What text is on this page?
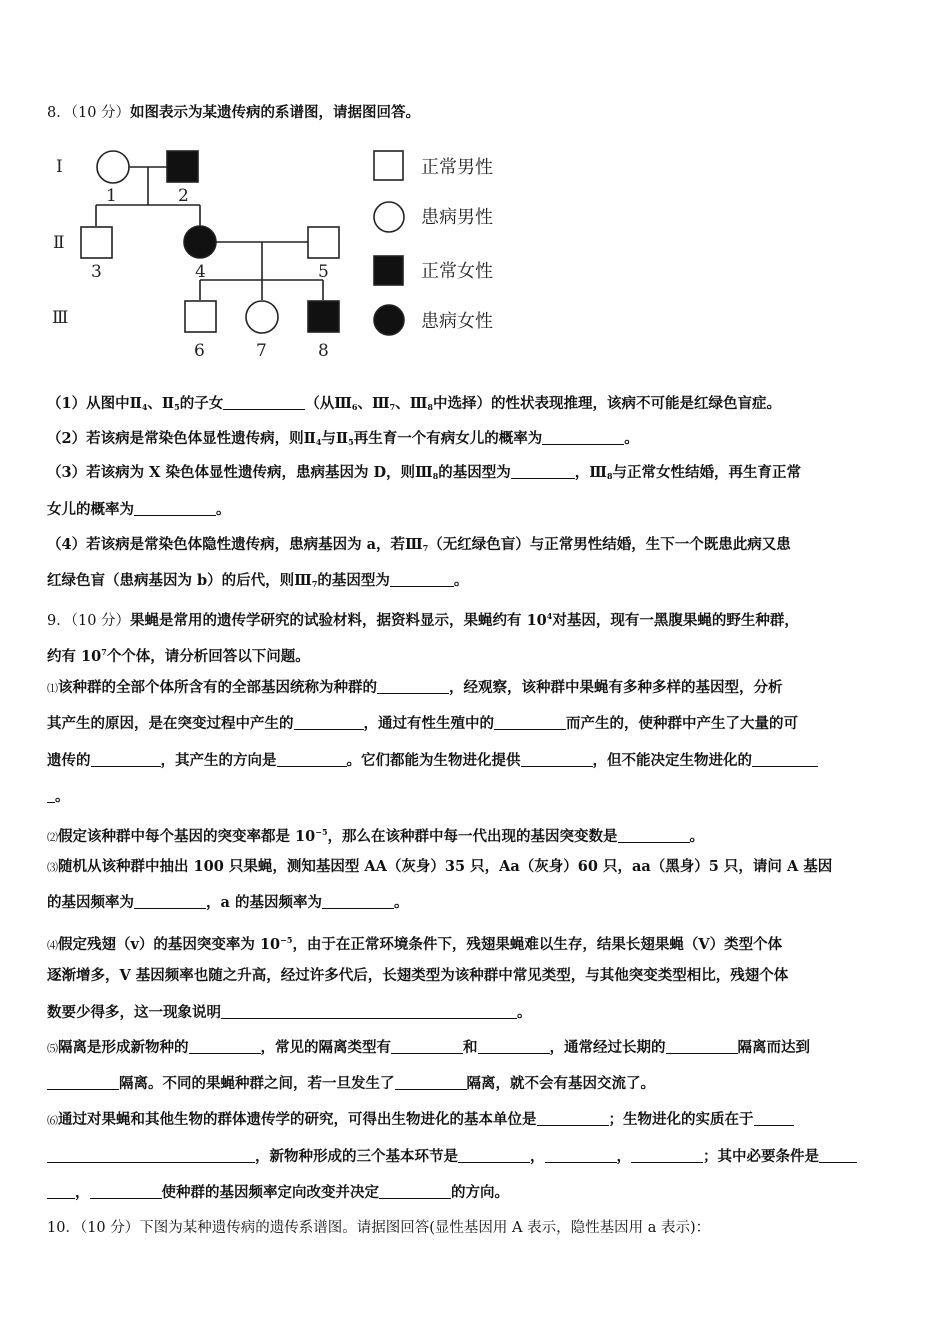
8．（10 分）如图表示为某遗传病的系谱图，请据图回答。
Ⅰ
Ⅱ
Ⅲ
1	2
3	4	5
6	7	8
正常男性
患病男性
正常女性
患病女性
（1）从图中$Ⅱ_4$、$Ⅱ_5$的子女	（从$Ⅲ_6$、$Ⅲ_7$、$Ⅲ_8$中选择）的性状表现推理，该病不可能是红绿色盲症。
（2）若该病是常染色体显性遗传病，则$Ⅱ_4$与$Ⅱ_5$再生育一个有病女儿的概率为	。
（3）若该病为 X 染色体显性遗传病，患病基因为 D，则$Ⅲ_8$的基因型为	，$Ⅲ_8$与正常女性结婚，再生育正常
女儿的概率为	。
（4）若该病是常染色体隐性遗传病，患病基因为 a，若$Ⅲ_7$（无红绿色盲）与正常男性结婚，生下一个既患此病又患
红绿色盲（患病基因为 b）的后代，则$Ⅲ_7$的基因型为	。
9．（10 分）果蝇是常用的遗传学研究的试验材料，据资料显示，果蝇约有 $10^4$对基因，现有一黑腹果蝇的野生种群，
约有 $10^7$个个体，请分析回答以下问题。
⑴该种群的全部个体所含有的全部基因统称为种群的	，经观察，该种群中果蝇有多种多样的基因型，分析
其产生的原因，是在突变过程中产生的	，通过有性生殖中的	而产生的，使种群中产生了大量的可
遗传的	，其产生的方向是	。它们都能为生物进化提供	，但不能决定生物进化的
。
⑵假定该种群中每个基因的突变率都是 $10^{-5}$，那么在该种群中每一代出现的基因突变数是	。
⑶随机从该种群中抽出 100 只果蝇，测知基因型 AA（灰身）35 只，Aa（灰身）60 只，aa（黑身）5 只，请问 A 基因
的基因频率为	，a 的基因频率为	。
⑷假定残翅（v）的基因突变率为 $10^{-5}$，由于在正常环境条件下，残翅果蝇难以生存，结果长翅果蝇（V）类型个体
逐渐增多，V 基因频率也随之升高，经过许多代后，长翅类型为该种群中常见类型，与其他突变类型相比，残翅个体
数要少得多，这一现象说明	。
⑸隔离是形成新物种的	，常见的隔离类型有	和	，通常经过长期的	隔离而达到
隔离。不同的果蝇种群之间，若一旦发生了	隔离，就不会有基因交流了。
⑹通过对果蝇和其他生物的群体遗传学的研究，可得出生物进化的基本单位是	；生物进化的实质在于
，新物种形成的三个基本环节是	，	，	；其中必要条件是
，	使种群的基因频率定向改变并决定	的方向。
10．（10 分）下图为某种遗传病的遗传系谱图。请据图回答(显性基因用 A 表示，隐性基因用 a 表示)：
